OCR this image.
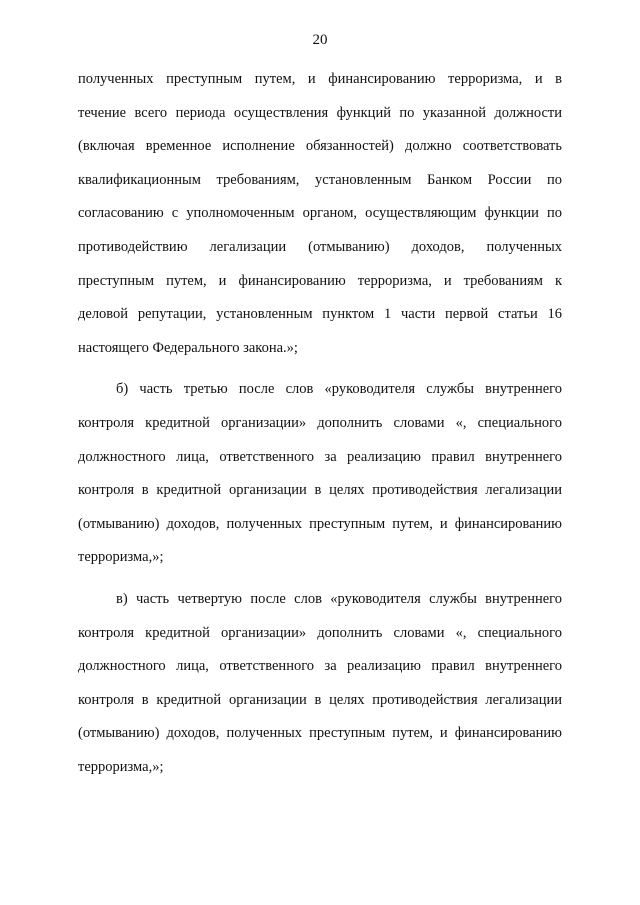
20
полученных преступным путем, и финансированию терроризма, и в
течение всего периода осуществления функций по указанной должности
(включая временное исполнение обязанностей) должно соответствовать
квалификационным требованиям, установленным Банком России по
согласованию с уполномоченным органом, осуществляющим функции по
противодействию легализации (отмыванию) доходов, полученных
преступным путем, и финансированию терроризма, и требованиям к
деловой репутации, установленным пунктом 1 части первой статьи 16
настоящего Федерального закона.»;
б) часть третью после слов «руководителя службы внутреннего
контроля кредитной организации» дополнить словами «, специального
должностного лица, ответственного за реализацию правил внутреннего
контроля в кредитной организации в целях противодействия легализации
(отмыванию) доходов, полученных преступным путем, и финансированию
терроризма,»;
в) часть четвертую после слов «руководителя службы внутреннего
контроля кредитной организации» дополнить словами «, специального
должностного лица, ответственного за реализацию правил внутреннего
контроля в кредитной организации в целях противодействия легализации
(отмыванию) доходов, полученных преступным путем, и финансированию
терроризма,»;
